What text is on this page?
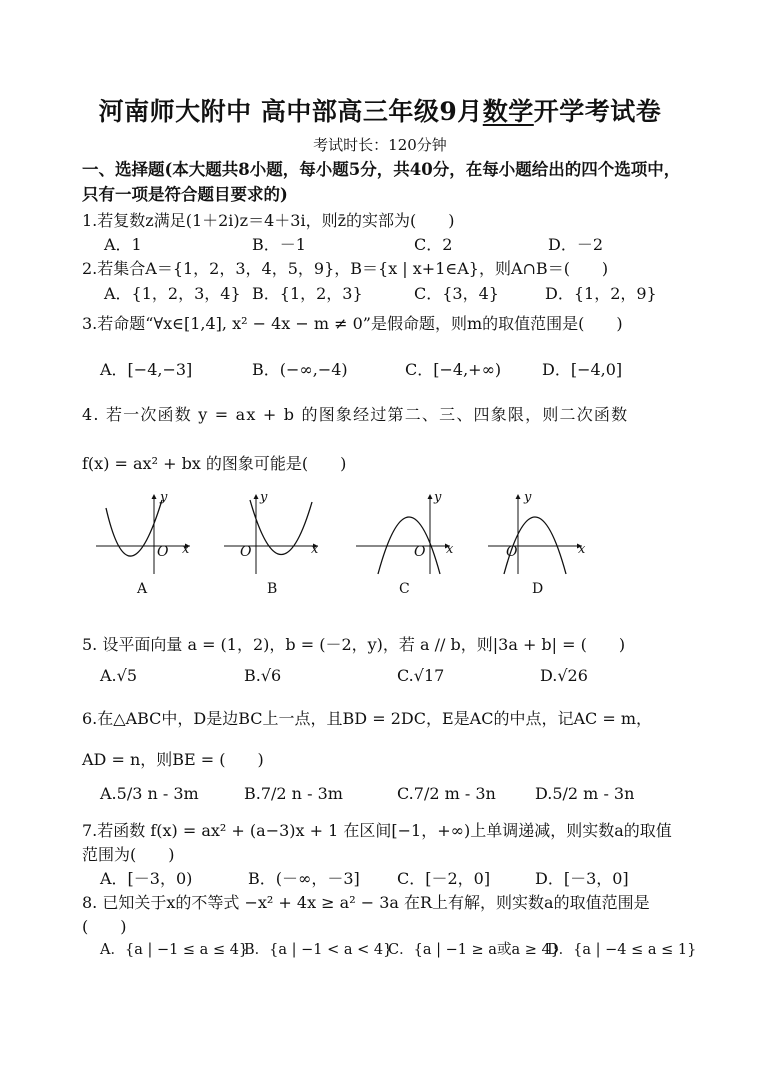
河南师大附中 高中部高三年级9月数学开学考试卷
考试时长：120分钟
一、选择题(本大题共8小题，每小题5分，共40分，在每小题给出的四个选项中，只有一项是符合题目要求的)
1.若复数z满足(1＋2i)z＝4＋3i，则z̄的实部为(　　)
A．1	B．－1	C．2	D．－2
2.若集合A＝{1，2，3，4，5，9}，B＝{x | x+1∈A}，则A∩B＝(　　)
A．{1，2，3，4} B．{1，2，3}	C．{3，4}	D．{1，2，9}
3.若命题“∀x∈[1,4], x² − 4x − m ≠ 0”是假命题，则m的取值范围是(　　)
A．[−4,−3]	B．(−∞,−4)	C．[−4,+∞)	D．[−4,0]
4. 若一次函数 y = ax + b 的图象经过第二、三、四象限，则二次函数
f(x) = ax² + bx 的图象可能是(　　)
y
x
O
A
y
x
O
B
y
x
O
C
y
x
O
D
5. 设平面向量 a = (1，2)，b = (－2，y)，若 a // b，则|3a + b| = (　　)
A.√5	B.√6	C.√17	D.√26
6.在△ABC中，D是边BC上一点，且BD = 2DC，E是AC的中点，记AC = m，
AD = n，则BE = (　　)
A.5/3 n - 3m	B.7/2 n - 3m	C.7/2 m - 3n D.5/2 m - 3n
7.若函数 f(x) = ax² + (a−3)x + 1 在区间[−1，+∞)上单调递减，则实数a的取值
范围为(　　)
A．[－3，0)	B．(－∞，－3] C．[－2，0]	D．[－3，0]
8. 已知关于x的不等式 −x² + 4x ≥ a² − 3a 在R上有解，则实数a的取值范围是
(　　)
A．{a | −1 ≤ a ≤ 4}
B．{a | −1 < a < 4}
C．{a | −1 ≥ a或a ≥ 4}
D．{a | −4 ≤ a ≤ 1}
